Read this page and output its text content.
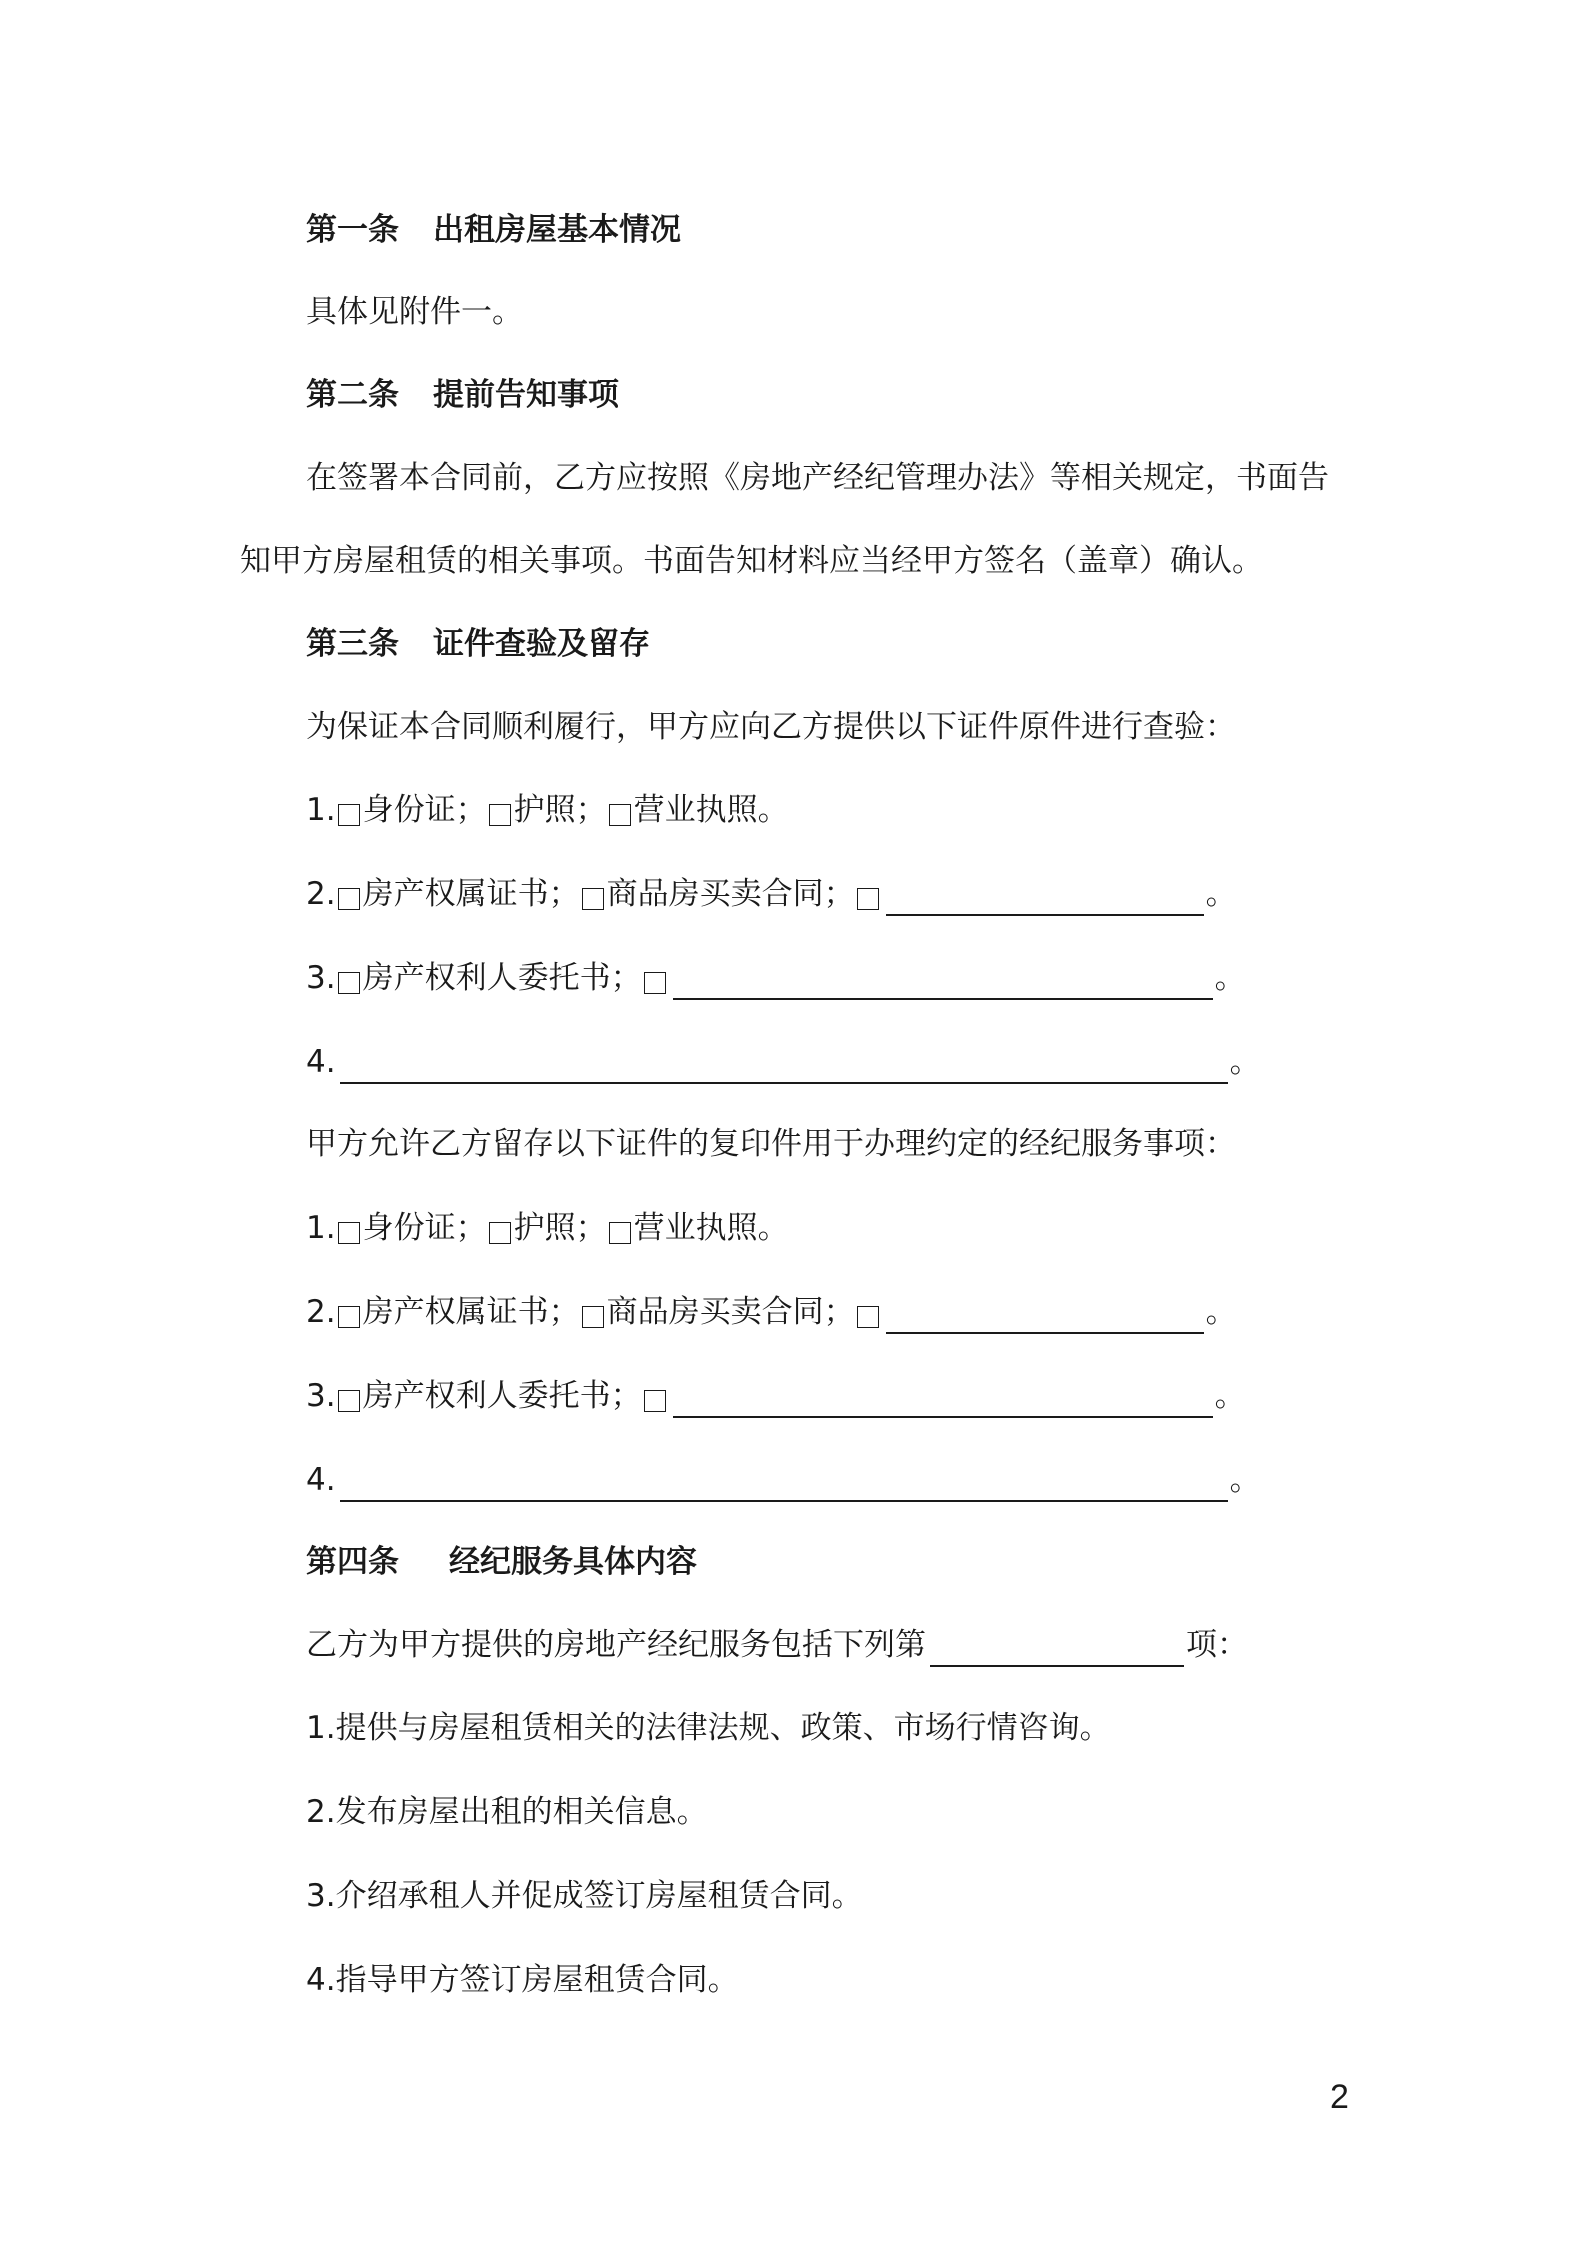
第一条 出租房屋基本情况
具体见附件一。
第二条 提前告知事项
在签署本合同前，乙方应按照《房地产经纪管理办法》等相关规定，书面告
知甲方房屋租赁的相关事项。书面告知材料应当经甲方签名（盖章）确认。
第三条 证件查验及留存
为保证本合同顺利履行，甲方应向乙方提供以下证件原件进行查验：
1. 身份证； 护照； 营业执照。
2. 房产权属证书； 商品房买卖合同；	。
3. 房产权利人委托书；	。
4.	。
甲方允许乙方留存以下证件的复印件用于办理约定的经纪服务事项：
1. 身份证； 护照； 营业执照。
2. 房产权属证书； 商品房买卖合同；	。
3. 房产权利人委托书；	。
4.	。
第四条 经纪服务具体内容
乙方为甲方提供的房地产经纪服务包括下列第	项：
1.提供与房屋租赁相关的法律法规、政策、市场行情咨询。
2.发布房屋出租的相关信息。
3.介绍承租人并促成签订房屋租赁合同。
4.指导甲方签订房屋租赁合同。
2
